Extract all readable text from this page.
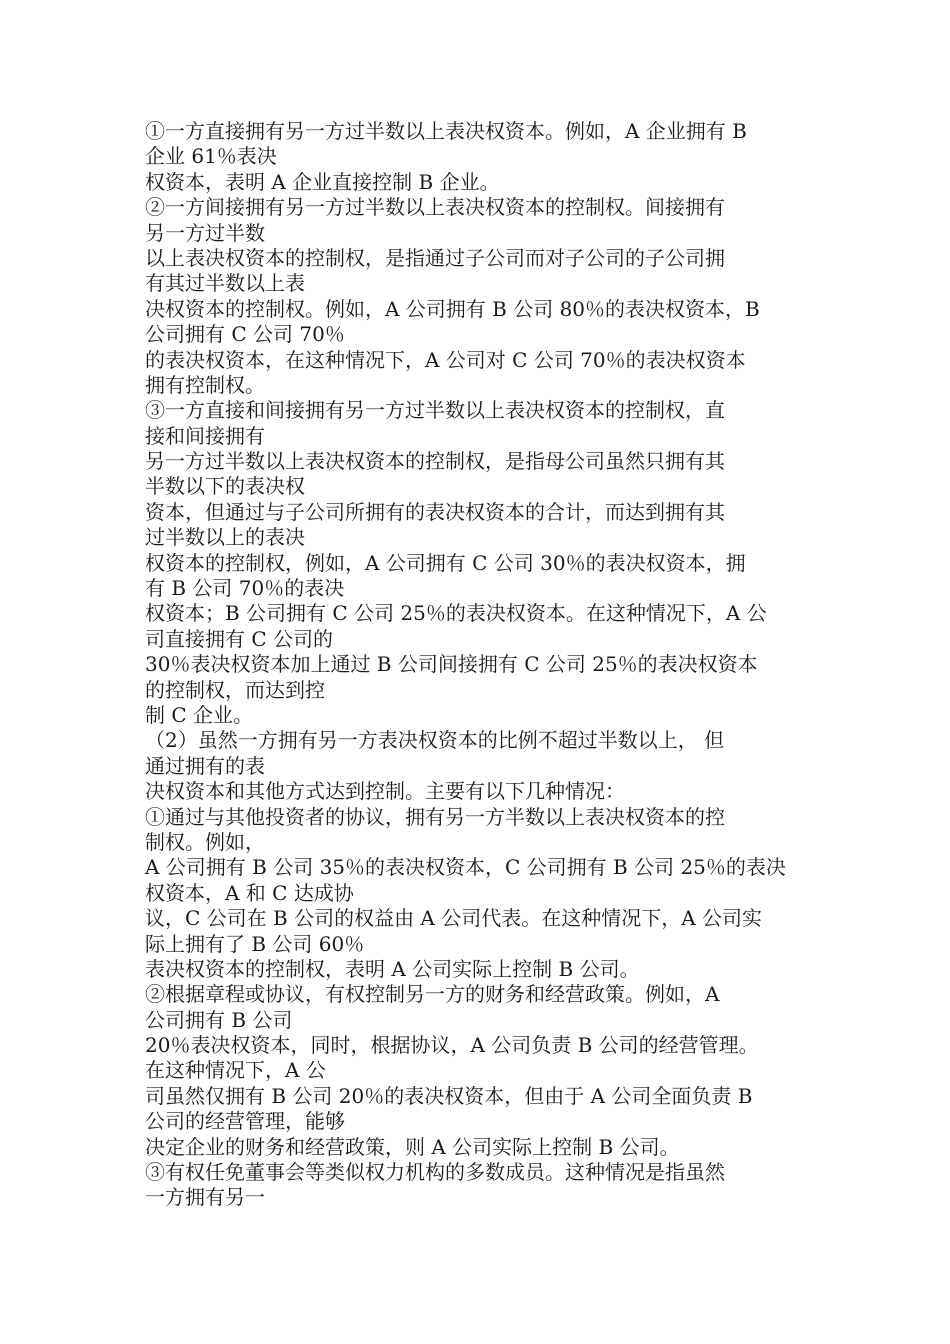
①一方直接拥有另一方过半数以上表决权资本。例如，A 企业拥有 B
企业 61％表决
权资本，表明 A 企业直接控制 B 企业。
②一方间接拥有另一方过半数以上表决权资本的控制权。间接拥有
另一方过半数
以上表决权资本的控制权，是指通过子公司而对子公司的子公司拥
有其过半数以上表
决权资本的控制权。例如，A 公司拥有 B 公司 80％的表决权资本，B
公司拥有 C 公司 70％
的表决权资本，在这种情况下，A 公司对 C 公司 70％的表决权资本
拥有控制权。
③一方直接和间接拥有另一方过半数以上表决权资本的控制权，直
接和间接拥有
另一方过半数以上表决权资本的控制权，是指母公司虽然只拥有其
半数以下的表决权
资本，但通过与子公司所拥有的表决权资本的合计，而达到拥有其
过半数以上的表决
权资本的控制权，例如，A 公司拥有 C 公司 30％的表决权资本，拥
有 B 公司 70％的表决
权资本；B 公司拥有 C 公司 25％的表决权资本。在这种情况下，A 公
司直接拥有 C 公司的
30％表决权资本加上通过 B 公司间接拥有 C 公司 25％的表决权资本
的控制权，而达到控
制 C 企业。
（2）虽然一方拥有另一方表决权资本的比例不超过半数以上， 但
通过拥有的表
决权资本和其他方式达到控制。主要有以下几种情况：
①通过与其他投资者的协议，拥有另一方半数以上表决权资本的控
制权。例如，
A 公司拥有 B 公司 35％的表决权资本，C 公司拥有 B 公司 25％的表决
权资本，A 和 C 达成协
议，C 公司在 B 公司的权益由 A 公司代表。在这种情况下，A 公司实
际上拥有了 B 公司 60％
表决权资本的控制权，表明 A 公司实际上控制 B 公司。
②根据章程或协议，有权控制另一方的财务和经营政策。例如，A
公司拥有 B 公司
20％表决权资本，同时，根据协议，A 公司负责 B 公司的经营管理。
在这种情况下，A 公
司虽然仅拥有 B 公司 20％的表决权资本，但由于 A 公司全面负责 B
公司的经营管理，能够
决定企业的财务和经营政策，则 A 公司实际上控制 B 公司。
③有权任免董事会等类似权力机构的多数成员。这种情况是指虽然
一方拥有另一
